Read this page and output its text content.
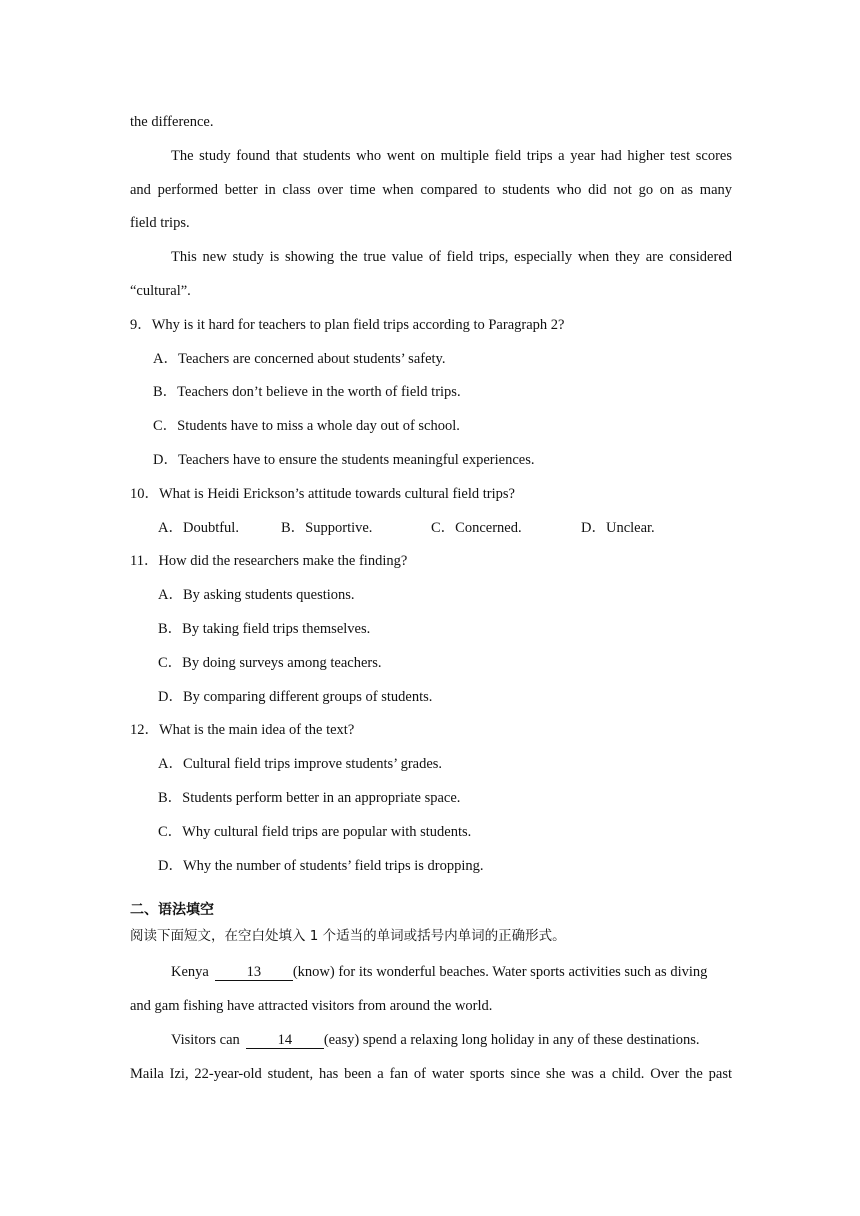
the difference.
The study found that students who went on multiple field trips a year had higher test scores
and performed better in class over time when compared to students who did not go on as many
field trips.
This new study is showing the true value of field trips, especially when they are considered
“cultural”.
9．Why is it hard for teachers to plan field trips according to Paragraph 2?
A．Teachers are concerned about students’ safety.
B．Teachers don’t believe in the worth of field trips.
C．Students have to miss a whole day out of school.
D．Teachers have to ensure the students meaningful experiences.
10．What is Heidi Erickson’s attitude towards cultural field trips?
A．Doubtful.	B．Supportive.	C．Concerned.	D．Unclear.
11．How did the researchers make the finding?
A．By asking students questions.
B．By taking field trips themselves.
C．By doing surveys among teachers.
D．By comparing different groups of students.
12．What is the main idea of the text?
A．Cultural field trips improve students’ grades.
B．Students perform better in an appropriate space.
C．Why cultural field trips are popular with students.
D．Why the number of students’ field trips is dropping.
二、语法填空
阅读下面短文，在空白处填入 1 个适当的单词或括号内单词的正确形式。
Kenya	13 (know) for its wonderful beaches. Water sports activities such as diving
and gam fishing have attracted visitors from around the world.
Visitors can	14 (easy) spend a relaxing long holiday in any of these destinations.
Maila Izi, 22-year-old student, has been a fan of water sports since she was a child. Over the past
